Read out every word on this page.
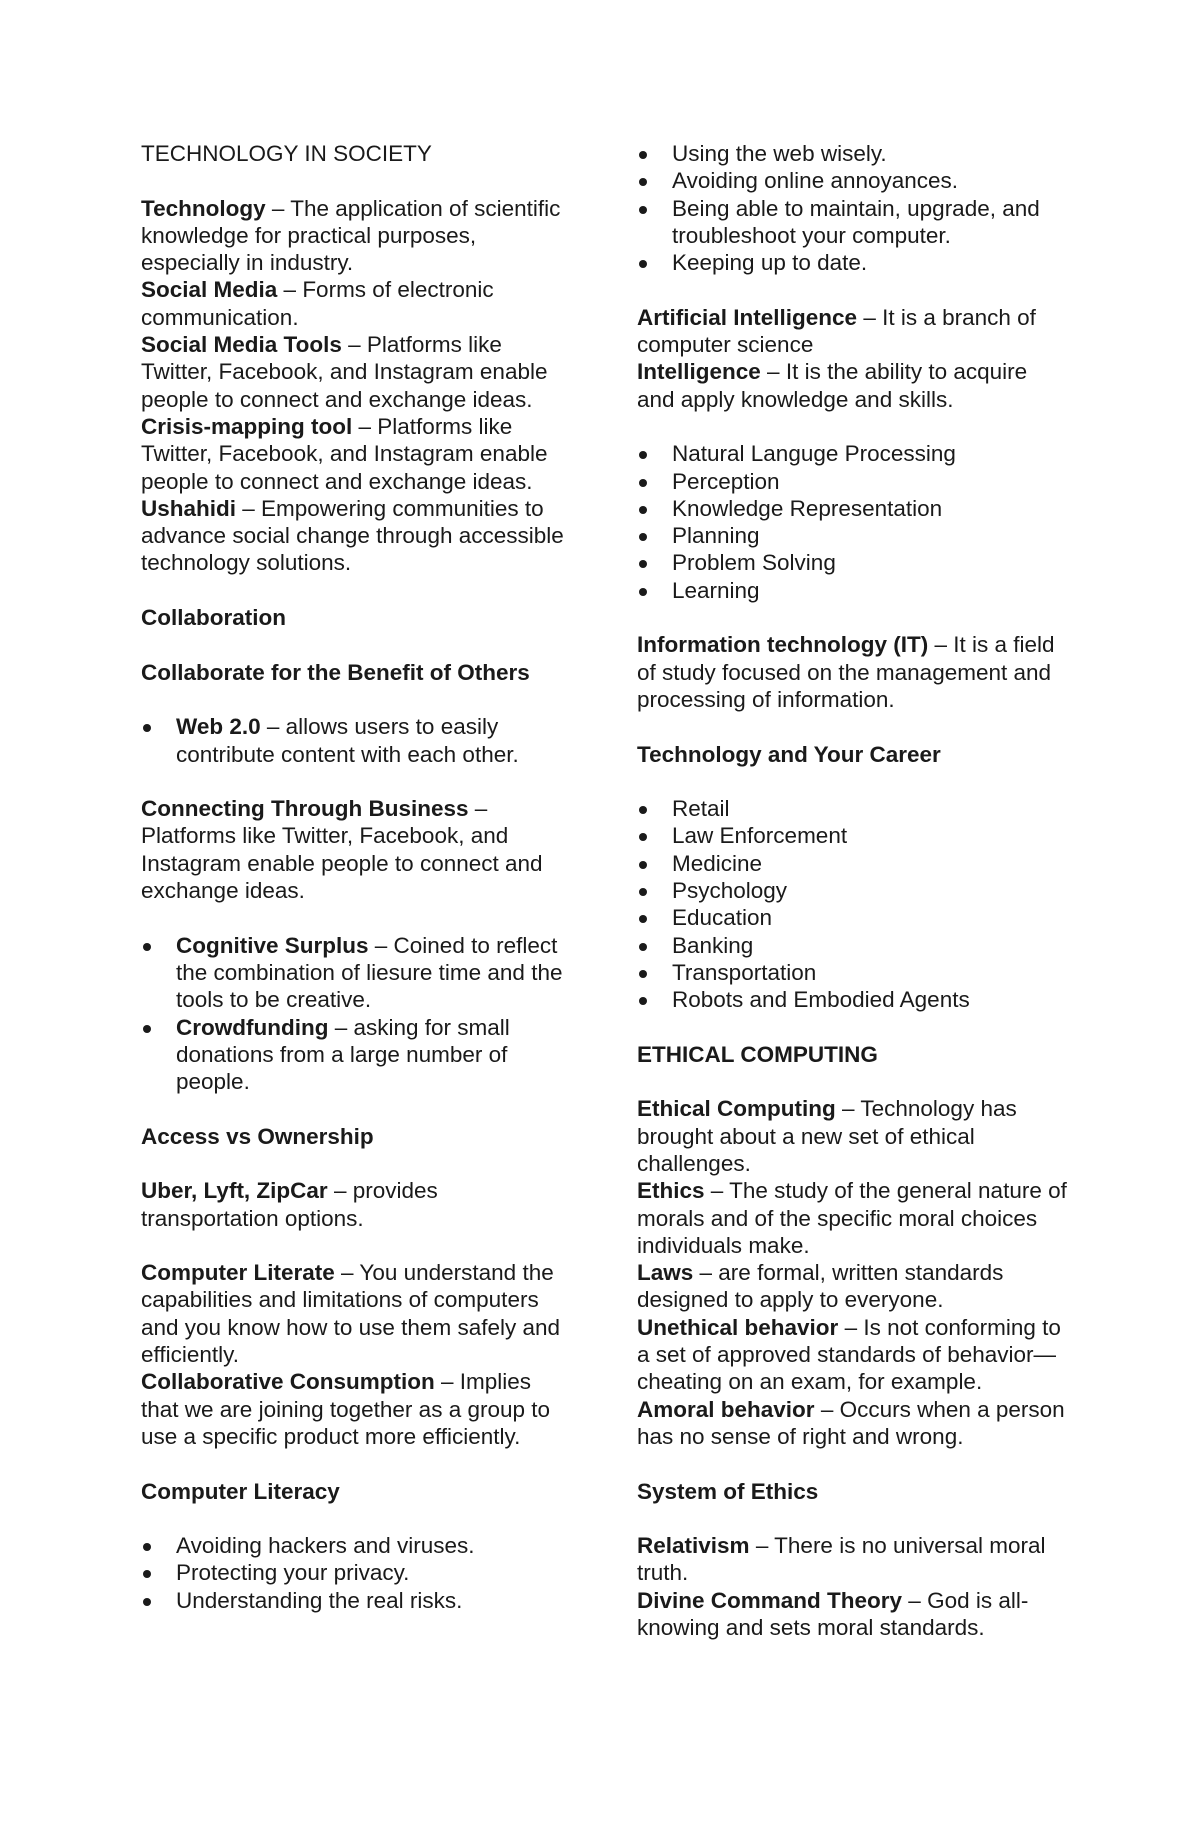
TECHNOLOGY IN SOCIETY

Technology – The application of scientific knowledge for practical purposes, especially in industry.

Social Media – Forms of electronic communication.

Social Media Tools – Platforms like Twitter, Facebook, and Instagram enable people to connect and exchange ideas.

Crisis-mapping tool – Platforms like Twitter, Facebook, and Instagram enable people to connect and exchange ideas.

Ushahidi – Empowering communities to advance social change through accessible technology solutions.

Collaboration

Collaborate for the Benefit of Others

Web 2.0 – allows users to easily contribute content with each other.

Connecting Through Business – Platforms like Twitter, Facebook, and Instagram enable people to connect and exchange ideas.

Cognitive Surplus – Coined to reflect the combination of liesure time and the tools to be creative.
Crowdfunding – asking for small donations from a large number of people.

Access vs Ownership

Uber, Lyft, ZipCar – provides transportation options.

Computer Literate – You understand the capabilities and limitations of computers and you know how to use them safely and efficiently.

Collaborative Consumption – Implies that we are joining together as a group to use a specific product more efficiently.

Computer Literacy

Avoiding hackers and viruses.
Protecting your privacy.
Understanding the real risks.
Using the web wisely.
Avoiding online annoyances.
Being able to maintain, upgrade, and troubleshoot your computer.
Keeping up to date.

Artificial Intelligence – It is a branch of computer science

Intelligence – It is the ability to acquire and apply knowledge and skills.

Natural Languge Processing
Perception
Knowledge Representation
Planning
Problem Solving
Learning

Information technology (IT) – It is a field of study focused on the management and processing of information.

Technology and Your Career

Retail
Law Enforcement
Medicine
Psychology
Education
Banking
Transportation
Robots and Embodied Agents

ETHICAL COMPUTING

Ethical Computing – Technology has brought about a new set of ethical challenges.

Ethics – The study of the general nature of morals and of the specific moral choices individuals make.

Laws – are formal, written standards designed to apply to everyone.

Unethical behavior – Is not conforming to a set of approved standards of behavior—cheating on an exam, for example.

Amoral behavior – Occurs when a person has no sense of right and wrong.

System of Ethics

Relativism – There is no universal moral truth.

Divine Command Theory – God is all-knowing and sets moral standards.
